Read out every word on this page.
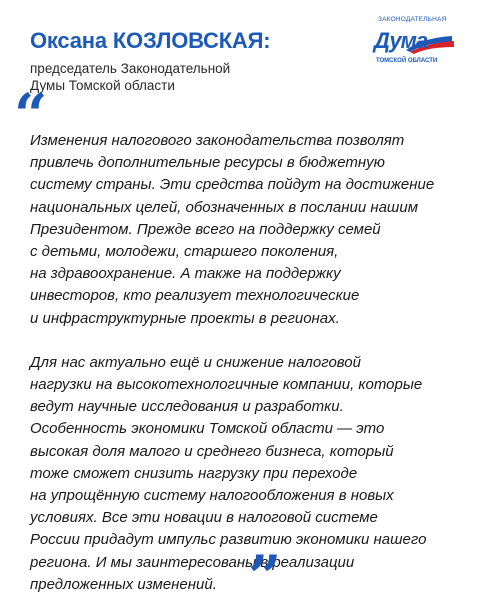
Оксана КОЗЛОВСКАЯ:
председатель Законодательной
Думы Томской области
ЗАКОНОДАТЕЛЬНАЯ
Дума
ТОМСКОЙ ОБЛАСТИ
“

Изменения налогового законодательства позволят
привлечь дополнительные ресурсы в бюджетную
систему страны. Эти средства пойдут на достижение
национальных целей, обозначенных в послании нашим
Президентом. Прежде всего на поддержку семей
с детьми, молодежи, старшего поколения,
на здравоохранение. А также на поддержку
инвесторов, кто реализует технологические
и инфраструктурные проекты в регионах.

Для нас актуально ещё и снижение налоговой
нагрузки на высокотехнологичные компании, которые
ведут научные исследования и разработки.
Особенность экономики Томской области — это
высокая доля малого и среднего бизнеса, который
тоже сможет снизить нагрузку при переходе
на упрощённую систему налогообложения в новых
условиях. Все эти новации в налоговой системе
России придадут импульс развитию экономики нашего
региона. И мы заинтересованы в реализации
предложенных изменений. ”
